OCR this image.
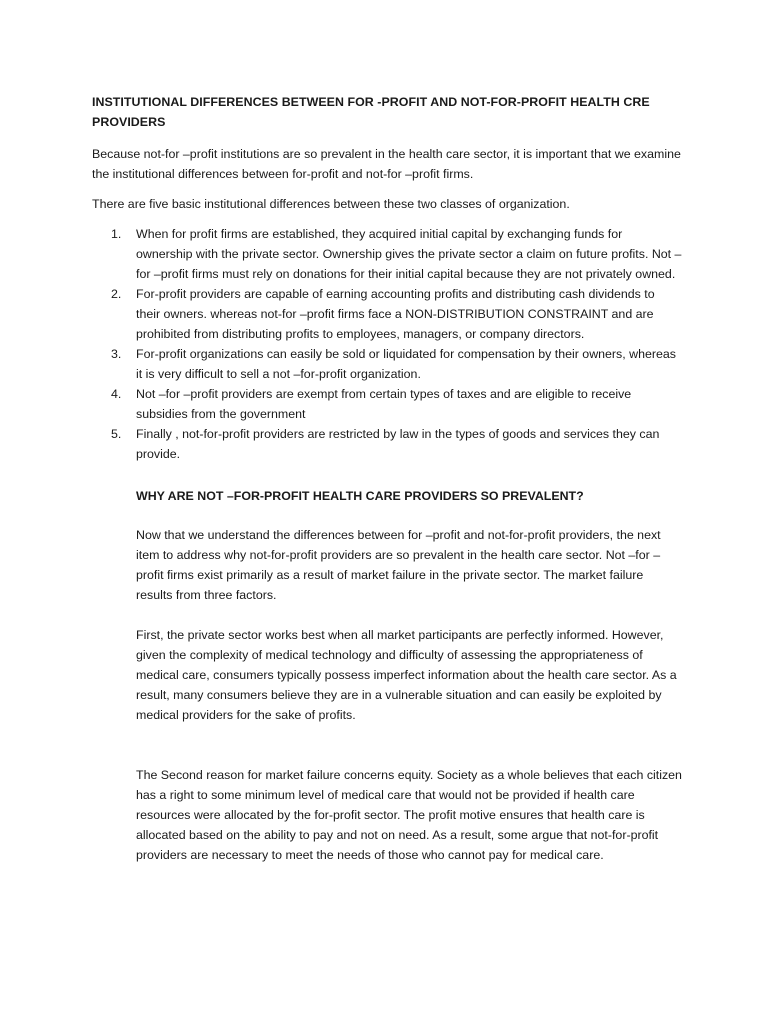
INSTITUTIONAL DIFFERENCES BETWEEN FOR -PROFIT AND NOT-FOR-PROFIT HEALTH CRE PROVIDERS

Because not-for –profit institutions are so prevalent in the health care sector, it is important that we examine the institutional differences between for-profit and not-for –profit firms.

There are five basic institutional differences between these two classes of organization.

1. When for profit firms are established, they acquired initial capital by exchanging funds for ownership with the private sector. Ownership gives the private sector a claim on future profits. Not –for –profit firms must rely on donations for their initial capital because they are not privately owned.
2. For-profit providers are capable of earning accounting profits and distributing cash dividends to their owners. whereas not-for –profit firms face a NON-DISTRIBUTION CONSTRAINT and are prohibited from distributing profits to employees, managers, or company directors.
3. For-profit organizations can easily be sold or liquidated for compensation by their owners, whereas it is very difficult to sell a not –for-profit organization.
4. Not –for –profit providers are exempt from certain types of taxes and are eligible to receive subsidies from the government
5. Finally , not-for-profit providers are restricted by law in the types of goods and services they can provide.

WHY ARE NOT –FOR-PROFIT HEALTH CARE PROVIDERS SO PREVALENT?

Now that we understand the differences between for –profit and not-for-profit providers, the next item to address why not-for-profit providers are so prevalent in the health care sector. Not –for –profit firms exist primarily as a result of market failure in the private sector. The market failure results from three factors.

First, the private sector works best when all market participants are perfectly informed. However, given the complexity of medical technology and difficulty of assessing the appropriateness of medical care, consumers typically possess imperfect information about the health care sector. As a result, many consumers believe they are in a vulnerable situation and can easily be exploited by medical providers for the sake of profits.

The Second reason for market failure concerns equity. Society as a whole believes that each citizen has a right to some minimum level of medical care that would not be provided if health care resources were allocated by the for-profit sector. The profit motive ensures that health care is allocated based on the ability to pay and not on need. As a result, some argue that not-for-profit providers are necessary to meet the needs of those who cannot pay for medical care.
